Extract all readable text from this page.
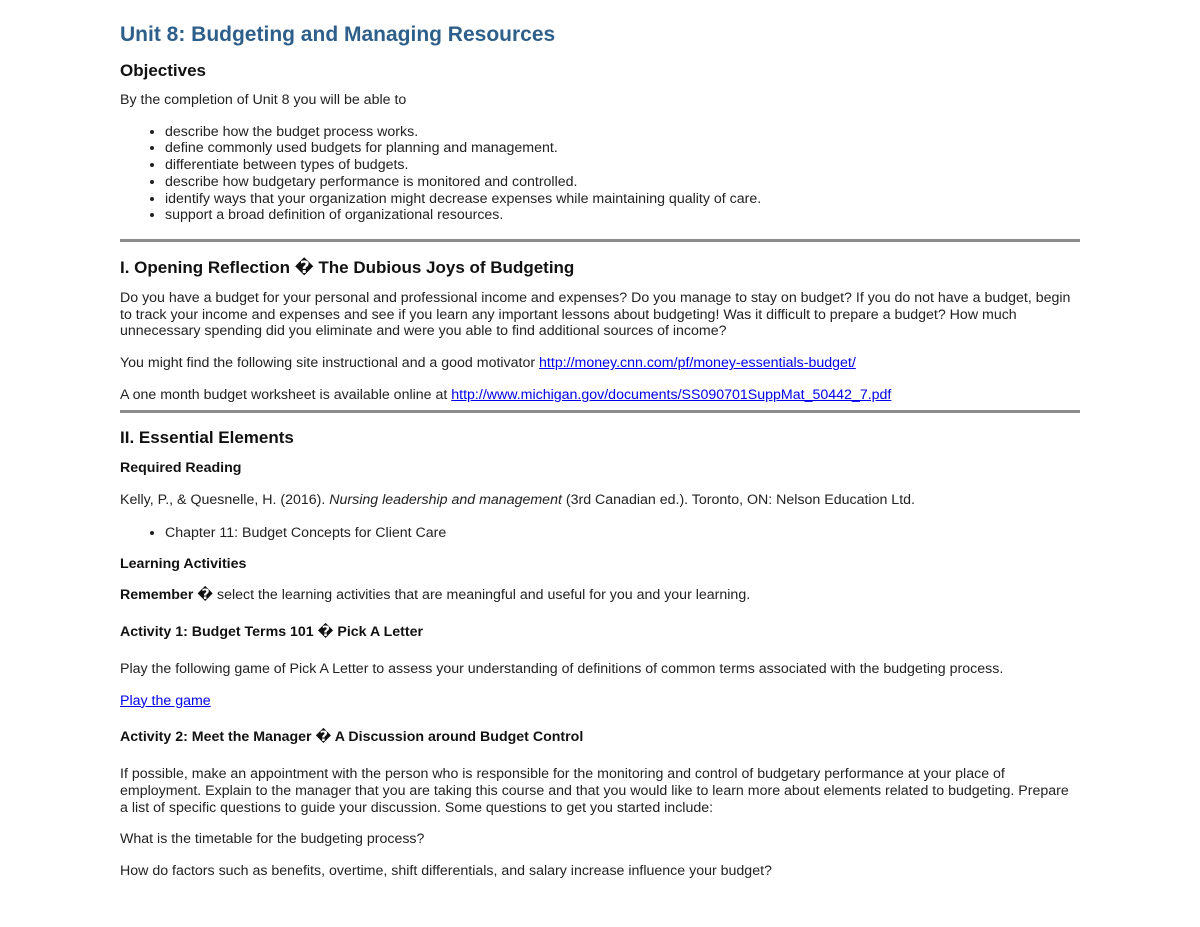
Unit 8: Budgeting and Managing Resources
Objectives

By the completion of Unit 8 you will be able to

• describe how the budget process works.
• define commonly used budgets for planning and management.
• differentiate between types of budgets.
• describe how budgetary performance is monitored and controlled.
• identify ways that your organization might decrease expenses while maintaining quality of care.
• support a broad definition of organizational resources.
I. Opening Reflection � The Dubious Joys of Budgeting

Do you have a budget for your personal and professional income and expenses? Do you manage to stay on budget? If you do not have a budget, begin to track your income and expenses and see if you learn any important lessons about budgeting! Was it difficult to prepare a budget? How much unnecessary spending did you eliminate and were you able to find additional sources of income?

You might find the following site instructional and a good motivator http://money.cnn.com/pf/money-essentials-budget/

A one month budget worksheet is available online at http://www.michigan.gov/documents/SS090701SuppMat_50442_7.pdf

II. Essential Elements

Required Reading

Kelly, P., & Quesnelle, H. (2016). Nursing leadership and management (3rd Canadian ed.). Toronto, ON: Nelson Education Ltd.

• Chapter 11: Budget Concepts for Client Care

Learning Activities

Remember � select the learning activities that are meaningful and useful for you and your learning.

Activity 1: Budget Terms 101 � Pick A Letter

Play the following game of Pick A Letter to assess your understanding of definitions of common terms associated with the budgeting process.

Play the game

Activity 2: Meet the Manager � A Discussion around Budget Control

If possible, make an appointment with the person who is responsible for the monitoring and control of budgetary performance at your place of employment. Explain to the manager that you are taking this course and that you would like to learn more about elements related to budgeting. Prepare a list of specific questions to guide your discussion. Some questions to get you started include:

What is the timetable for the budgeting process?

How do factors such as benefits, overtime, shift differentials, and salary increase influence your budget?
